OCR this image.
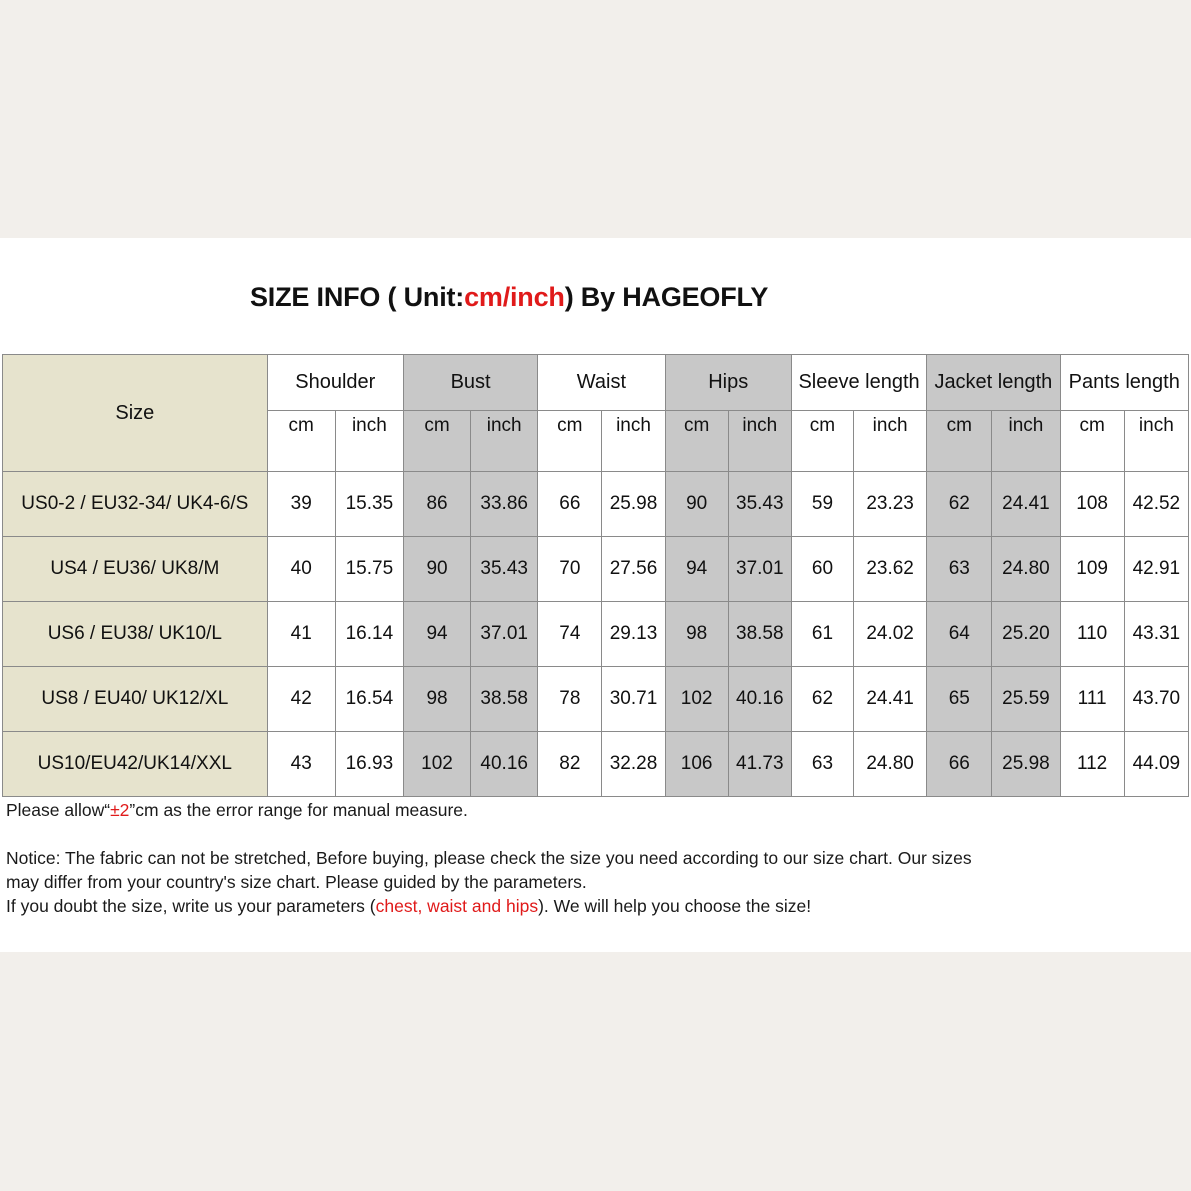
SIZE INFO ( Unit:cm/inch) By HAGEOFLY
Size	Shoulder		Bust		Waist		Hips		Sleeve length		Jacket length		Pants length	
	cm	inch	cm	inch	cm	inch	cm	inch	cm	inch	cm	inch	cm	inch
US0-2 / EU32-34/ UK4-6/S	39	15.35	86	33.86	66	25.98	90	35.43	59	23.23	62	24.41	108	42.52
US4 / EU36/ UK8/M	40	15.75	90	35.43	70	27.56	94	37.01	60	23.62	63	24.80	109	42.91
US6 / EU38/ UK10/L	41	16.14	94	37.01	74	29.13	98	38.58	61	24.02	64	25.20	110	43.31
US8 / EU40/ UK12/XL	42	16.54	98	38.58	78	30.71	102	40.16	62	24.41	65	25.59	111	43.70
US10/EU42/UK14/XXL	43	16.93	102	40.16	82	32.28	106	41.73	63	24.80	66	25.98	112	44.09

Please allow“±2”cm as the error range for manual measure.

Notice: The fabric can not be stretched, Before buying, please check the size you need according to our size chart. Our sizes

may differ from your country's size chart. Please guided by the parameters.

If you doubt the size, write us your parameters (chest, waist and hips). We will help you choose the size!
